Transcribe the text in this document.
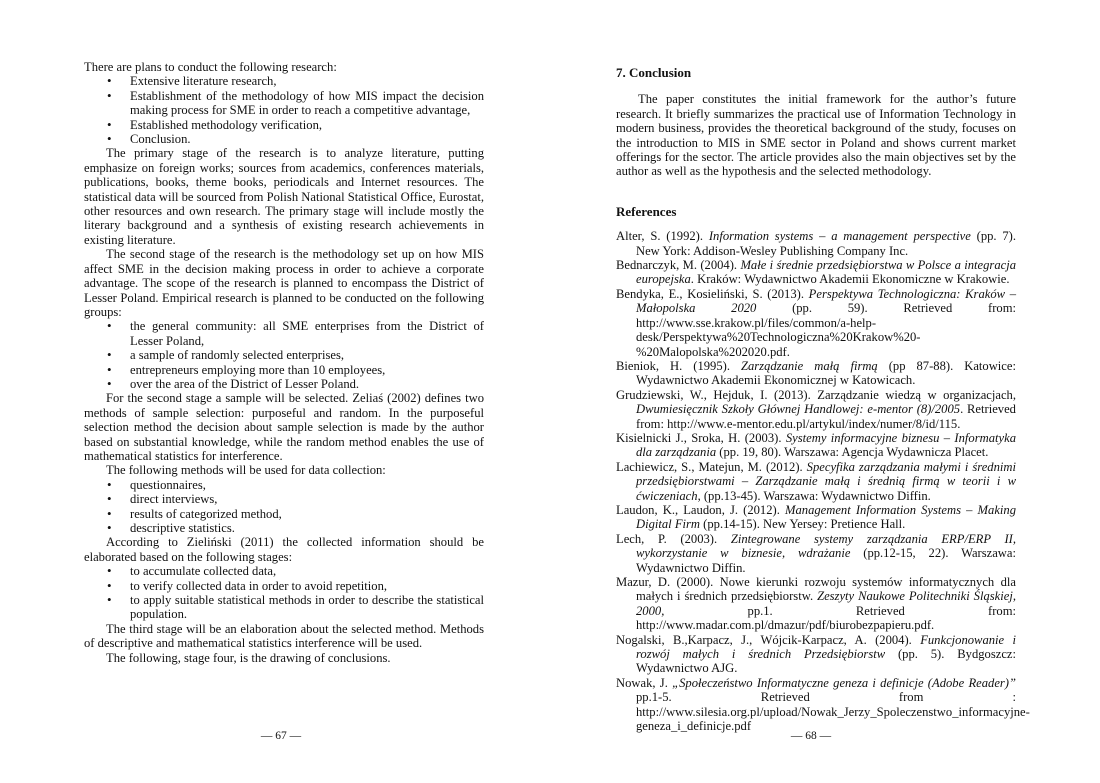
There are plans to conduct the following research:

• Extensive literature research,
• Establishment of the methodology of how MIS impact the decision making process for SME in order to reach a competitive advantage,
• Established methodology verification,
• Conclusion.

The primary stage of the research is to analyze literature, putting emphasize on foreign works; sources from academics, conferences materials, publications, books, theme books, periodicals and Internet resources. The statistical data will be sourced from Polish National Statistical Office, Eurostat, other resources and own research. The primary stage will include mostly the literary background and a synthesis of existing research achievements in existing literature.

The second stage of the research is the methodology set up on how MIS affect SME in the decision making process in order to achieve a corporate advantage. The scope of the research is planned to encompass the District of Lesser Poland. Empirical research is planned to be conducted on the following groups:

• the general community: all SME enterprises from the District of Lesser Poland,
• a sample of randomly selected enterprises,
• entrepreneurs employing more than 10 employees,
• over the area of the District of Lesser Poland.

For the second stage a sample will be selected. Zeliaś (2002) defines two methods of sample selection: purposeful and random. In the purposeful selection method the decision about sample selection is made by the author based on substantial knowledge, while the random method enables the use of mathematical statistics for interference.

The following methods will be used for data collection:

• questionnaires,
• direct interviews,
• results of categorized method,
• descriptive statistics.

According to Zieliński (2011) the collected information should be elaborated based on the following stages:

• to accumulate collected data,
• to verify collected data in order to avoid repetition,
• to apply suitable statistical methods in order to describe the statistical population.

The third stage will be an elaboration about the selected method. Methods of descriptive and mathematical statistics interference will be used.

The following, stage four, is the drawing of conclusions.

— 67 —
7. Conclusion

The paper constitutes the initial framework for the author’s future research. It briefly summarizes the practical use of Information Technology in modern business, provides the theoretical background of the study, focuses on the introduction to MIS in SME sector in Poland and shows current market offerings for the sector. The article provides also the main objectives set by the author as well as the hypothesis and the selected methodology.

References

Alter, S. (1992). Information systems – a management perspective (pp. 7). New York: Addison-Wesley Publishing Company Inc.

Bednarczyk, M. (2004). Małe i średnie przedsiębiorstwa w Polsce a integracja europejska. Kraków: Wydawnictwo Akademii Ekonomiczne w Krakowie.

Bendyka, E., Kosieliński, S. (2013). Perspektywa Technologiczna: Kraków – Małopolska 2020 (pp. 59). Retrieved from: http://www.sse.krakow.pl/files/common/a-help-desk/Perspektywa%20Technologiczna%20Krakow%20-%20Malopolska%202020.pdf.

Bieniok, H. (1995). Zarządzanie małą firmą (pp 87-88). Katowice: Wydawnictwo Akademii Ekonomicznej w Katowicach.

Grudziewski, W., Hejduk, I. (2013). Zarządzanie wiedzą w organizacjach, Dwumiesięcznik Szkoły Głównej Handlowej: e-mentor (8)/2005. Retrieved from: http://www.e-mentor.edu.pl/artykul/index/numer/8/id/115.

Kisielnicki J., Sroka, H. (2003). Systemy informacyjne biznesu – Informatyka dla zarządzania (pp. 19, 80). Warszawa: Agencja Wydawnicza Placet.

Lachiewicz, S., Matejun, M. (2012). Specyfika zarządzania małymi i średnimi przedsiębiorstwami – Zarządzanie małą i średnią firmą w teorii i w ćwiczeniach, (pp.13-45). Warszawa: Wydawnictwo Diffin.

Laudon, K., Laudon, J. (2012). Management Information Systems – Making Digital Firm (pp.14-15). New Yersey: Pretience Hall.

Lech, P. (2003). Zintegrowane systemy zarządzania ERP/ERP II, wykorzystanie w biznesie, wdrażanie (pp.12-15, 22). Warszawa: Wydawnictwo Diffin.

Mazur, D. (2000). Nowe kierunki rozwoju systemów informatycznych dla małych i średnich przedsiębiorstw. Zeszyty Naukowe Politechniki Śląskiej, 2000, pp.1. Retrieved from: http://www.madar.com.pl/dmazur/pdf/biurobezpapieru.pdf.

Nogalski, B.,Karpacz, J., Wójcik-Karpacz, A. (2004). Funkcjonowanie i rozwój małych i średnich Przedsiębiorstw (pp. 5). Bydgoszcz: Wydawnictwo AJG.

Nowak, J. „Społeczeństwo Informatyczne geneza i definicje (Adobe Reader)” pp.1-5. Retrieved from : http://www.silesia.org.pl/upload/Nowak_Jerzy_Spoleczenstwo_informacyjne-geneza_i_definicje.pdf

— 68 —
